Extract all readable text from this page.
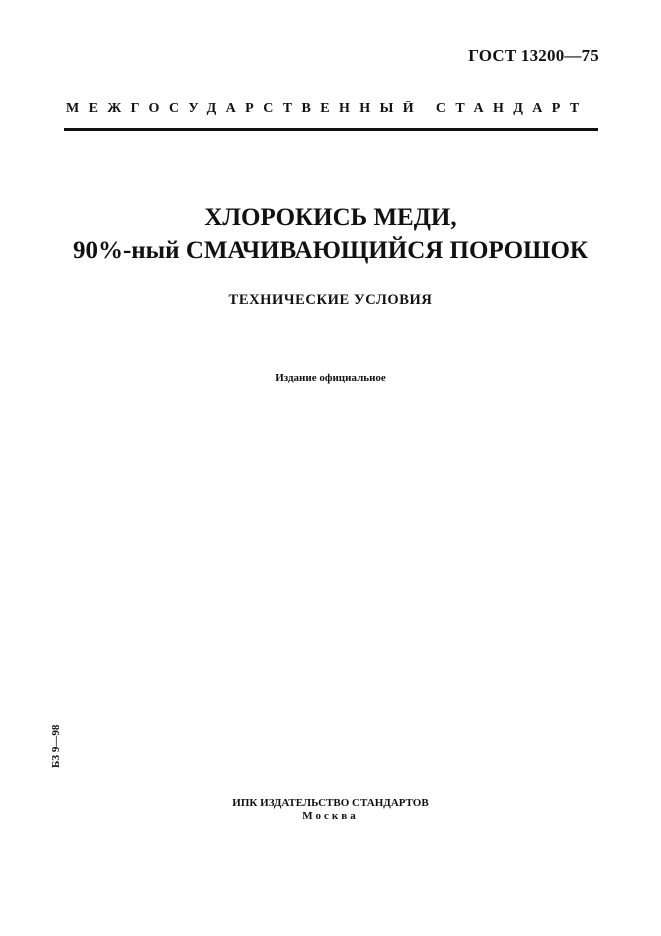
ГОСТ 13200—75
МЕЖГОСУДАРСТВЕННЫЙ СТАНДАРТ
ХЛОРОКИСЬ МЕДИ,
90%-ный СМАЧИВАЮЩИЙСЯ ПОРОШОК
ТЕХНИЧЕСКИЕ УСЛОВИЯ
Издание официальное
БЗ 9—98
ИПК ИЗДАТЕЛЬСТВО СТАНДАРТОВ
Москва
